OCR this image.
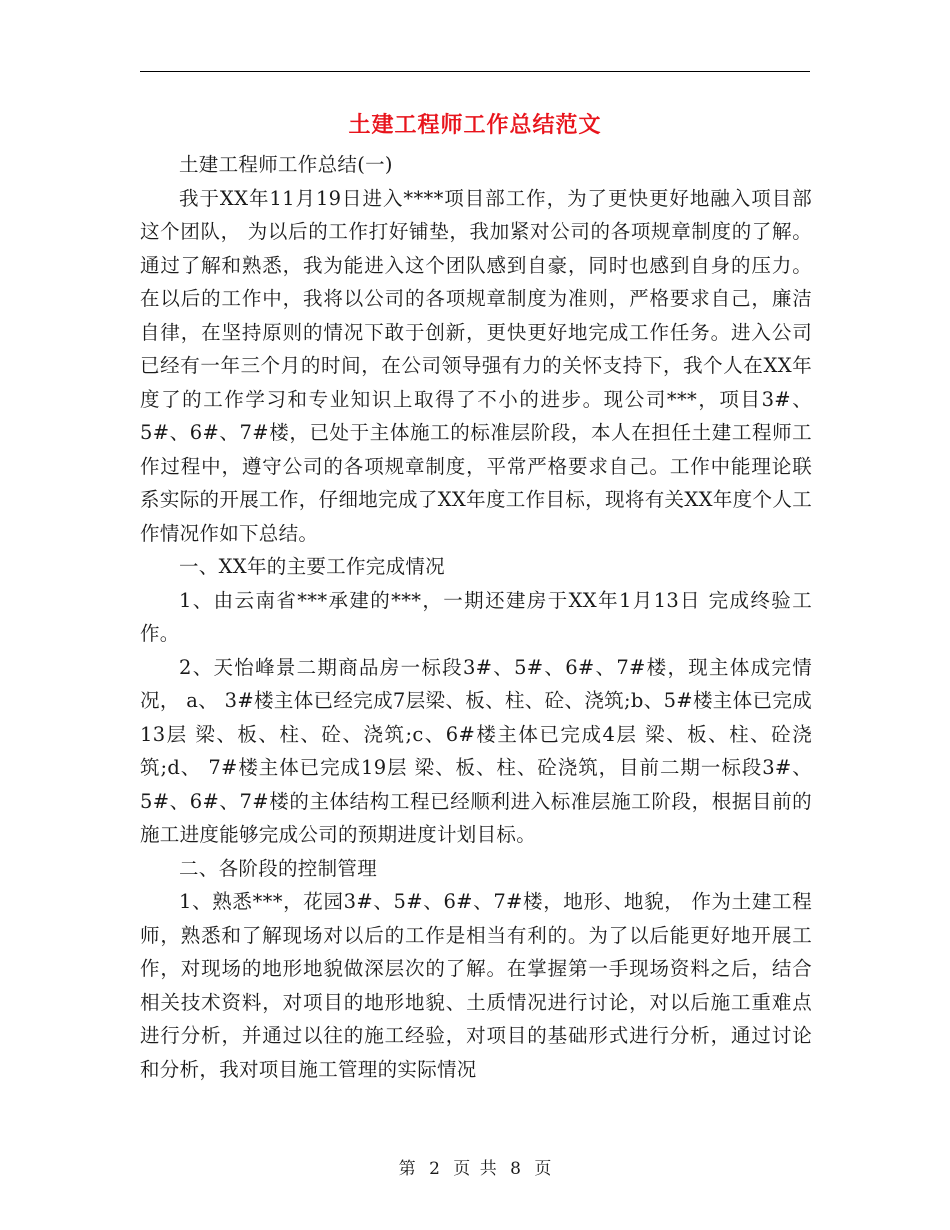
土建工程师工作总结范文

土建工程师工作总结(一)

我于XX年11月19日进入****项目部工作，为了更快更好地融入项目部这个团队， 为以后的工作打好铺垫，我加紧对公司的各项规章制度的了解。通过了解和熟悉，我为能进入这个团队感到自豪，同时也感到自身的压力。在以后的工作中，我将以公司的各项规章制度为准则，严格要求自己，廉洁自律，在坚持原则的情况下敢于创新，更快更好地完成工作任务。进入公司已经有一年三个月的时间，在公司领导强有力的关怀支持下，我个人在XX年度了的工作学习和专业知识上取得了不小的进步。现公司***，项目3#、5#、6#、7#楼，已处于主体施工的标准层阶段，本人在担任土建工程师工作过程中，遵守公司的各项规章制度，平常严格要求自己。工作中能理论联系实际的开展工作，仔细地完成了XX年度工作目标，现将有关XX年度个人工作情况作如下总结。

一、XX年的主要工作完成情况

1、由云南省***承建的***，一期还建房于XX年1月13日 完成终验工作。

2、天怡峰景二期商品房一标段3#、5#、6#、7#楼，现主体成完情况， a、 3#楼主体已经完成7层梁、板、柱、砼、浇筑;b、5#楼主体已完成13层 梁、板、柱、砼、浇筑;c、6#楼主体已完成4层 梁、板、柱、砼浇筑;d、 7#楼主体已完成19层 梁、板、柱、砼浇筑，目前二期一标段3#、5#、6#、7#楼的主体结构工程已经顺利进入标准层施工阶段，根据目前的施工进度能够完成公司的预期进度计划目标。

二、各阶段的控制管理

1、熟悉***，花园3#、5#、6#、7#楼，地形、地貌， 作为土建工程师，熟悉和了解现场对以后的工作是相当有利的。为了以后能更好地开展工作，对现场的地形地貌做深层次的了解。在掌握第一手现场资料之后，结合相关技术资料，对项目的地形地貌、土质情况进行讨论，对以后施工重难点进行分析，并通过以往的施工经验，对项目的基础形式进行分析，通过讨论和分析，我对项目施工管理的实际情况

第 2 页 共 8 页
